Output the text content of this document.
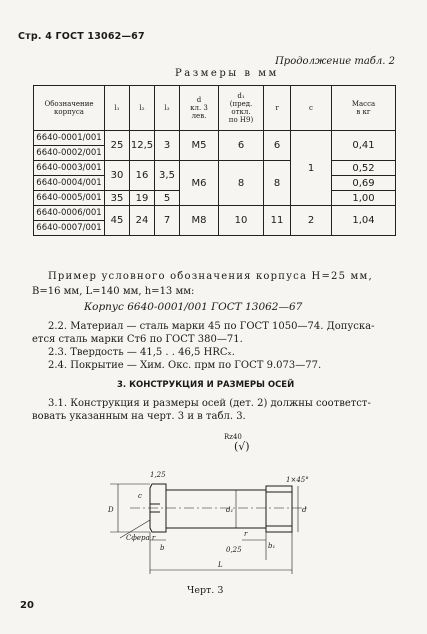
Стр. 4 ГОСТ 13062—67
Продолжение табл. 2
Размеры в мм
Обозначение
корпуса	l₁	l₂	l₃	d
кл. 3
лев.	d₁
(пред.
откл.
по H9)	r	c	Масса
в кг
6640-0001/001	25	12,5	3	M5	6	6	1	0,41
6640-0002/001								
6640-0003/001	30	16	3,5	M6	8	8		0,52
6640-0004/001								0,69
6640-0005/001	35	19	5					1,00
6640-0006/001	45	24	7	M8	10	11	2	1,04
6640-0007/001								
Пример условного обозначения корпуса H=25 мм,
B=16 мм, L=140 мм, h=13 мм:
Корпус 6640-0001/001 ГОСТ 13062—67
2.2. Материал — сталь марки 45 по ГОСТ 1050—74. Допуска-
ется сталь марки Ст6 по ГОСТ 380—71.
2.3. Твердость — 41,5 . . 46,5 HRCₓ.
2.4. Покрытие — Хим. Окс. прм по ГОСТ 9.073—77.
3. КОНСТРУКЦИЯ И РАЗМЕРЫ ОСЕЙ
3.1. Конструкция и размеры осей (дет. 2) должны соответст-
вовать указанным на черт. 3 и в табл. 3.
Rz40
(√)
1,25
Сфера r
b	b₁
L
D
c
d
d₁
r
1×45°
0,25
Черт. 3
20
